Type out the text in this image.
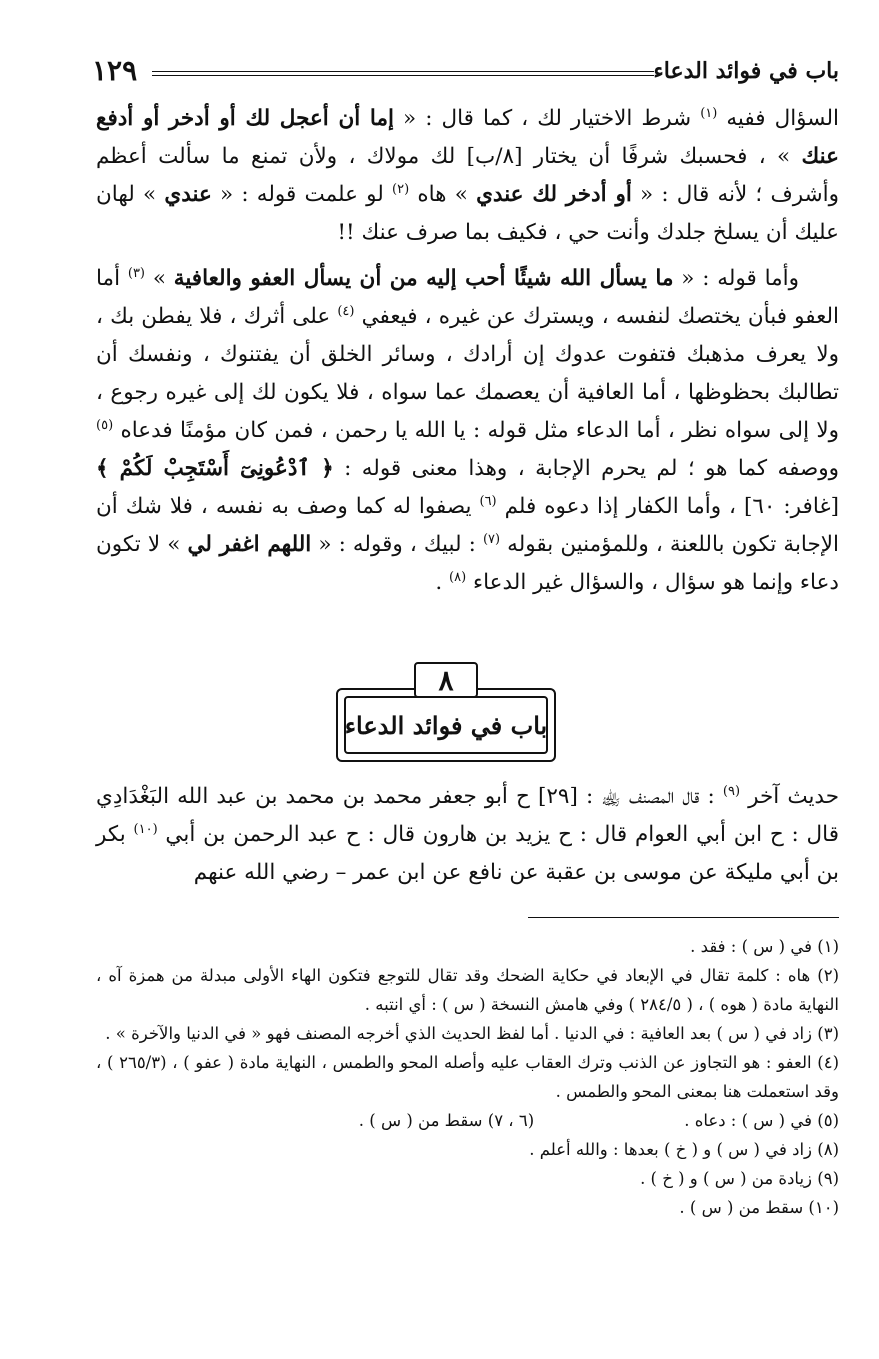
باب في فوائد الدعاء
١٢٩

السؤال ففيه $^{(١)}$ شرط الاختيار لك ، كما قال : « إما أن أعجل لك أو أدخر أو أدفع عنك » ، فحسبك شرفًا أن يختار [٨/ب] لك مولاك ، ولأن تمنع ما سألت أعظم وأشرف ؛ لأنه قال : « أو أدخر لك عندي » هاه $^{(٢)}$ لو علمت قوله : « عندي » لهان عليك أن يسلخ جلدك وأنت حي ، فكيف بما صرف عنك !!

وأما قوله : « ما يسأل الله شيئًا أحب إليه من أن يسأل العفو والعافية » $^{(٣)}$ أما العفو فبأن يختصك لنفسه ، ويسترك عن غيره ، فيعفي $^{(٤)}$ على أثرك ، فلا يفطن بك ، ولا يعرف مذهبك فتفوت عدوك إن أرادك ، وسائر الخلق أن يفتنوك ، ونفسك أن تطالبك بحظوظها ، أما العافية أن يعصمك عما سواه ، فلا يكون لك إلى غيره رجوع ، ولا إلى سواه نظر ، أما الدعاء مثل قوله : يا الله يا رحمن ، فمن كان مؤمنًا فدعاه $^{(٥)}$ ووصفه كما هو ؛ لم يحرم الإجابة ، وهذا معنى قوله : ﴿ ٱدْعُونِىٓ أَسْتَجِبْ لَكُمْ ﴾ [غافر: ٦٠] ، وأما الكفار إذا دعوه فلم $^{(٦)}$ يصفوا له كما وصف به نفسه ، فلا شك أن الإجابة تكون باللعنة ، وللمؤمنين بقوله $^{(٧)}$ : لبيك ، وقوله : « اللهم اغفر لي » لا تكون دعاء وإنما هو سؤال ، والسؤال غير الدعاء $^{(٨)}$ .

باب في فوائد الدعاء
٨

حديث آخر $^{(٩)}$ : قال المصنف ﵀ : [٢٩] ح أبو جعفر محمد بن محمد بن عبد الله البَغْدَادِي قال : ح ابن أبي العوام قال : ح يزيد بن هارون قال : ح عبد الرحمن بن أبي $^{(١٠)}$ بكر بن أبي مليكة عن موسى بن عقبة عن نافع عن ابن عمر – رضي الله عنهم

(١) في ( س ) : فقد .

(٢) هاه : كلمة تقال في الإبعاد في حكاية الضحك وقد تقال للتوجع فتكون الهاء الأولى مبدلة من همزة آه ، النهاية مادة ( هوه ) ، ( ٢٨٤/٥ ) وفي هامش النسخة ( س ) : أي انتبه .

(٣) زاد في ( س ) بعد العافية : في الدنيا . أما لفظ الحديث الذي أخرجه المصنف فهو « في الدنيا والآخرة » .

(٤) العفو : هو التجاوز عن الذنب وترك العقاب عليه وأصله المحو والطمس ، النهاية مادة ( عفو ) ، (٢٦٥/٣ ) ، وقد استعملت هنا بمعنى المحو والطمس .

(٥) في ( س ) : دعاه .
(٦ ، ٧) سقط من ( س ) .

(٨) زاد في ( س ) و ( خ ) بعدها : والله أعلم .

(٩) زيادة من ( س ) و ( خ ) .

(١٠) سقط من ( س ) .
